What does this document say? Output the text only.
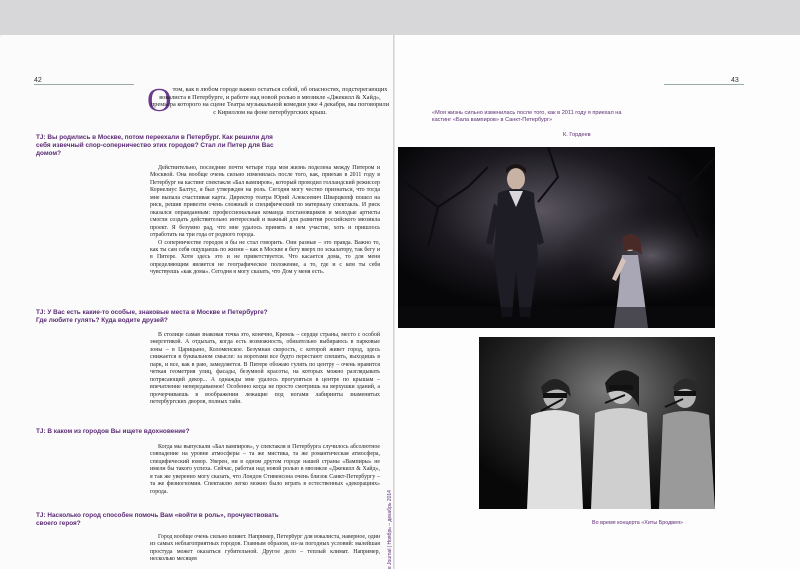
42	43
О том, как в любом городе важно остаться собой, об опасностях, подстерегающих вокалиста в Петербурге, и работе над новой ролью в мюзикле «Джекилл & Хайд», премьера которого на сцене Театра музыкальной комедии уже 4 декабря, мы поговорили с Кириллом на фоне петербургских крыш.
ТJ: Вы родились в Москве, потом переехали в Петербург. Как решили для себя извечный спор-соперничество этих городов? Стал ли Питер для Вас домом?

Действительно, последние почти четыре года моя жизнь поделена между Питером и Москвой. Она вообще очень сильно изменилась после того, как, приехав в 2011 году в Петербург на кастинг спектакля «Бал вампиров», который проводил голландский режиссер Корнелиус Балтус, я был утвержден на роль. Сегодня могу честно признаться, что тогда мне выпала счастливая карта. Директор театра Юрий Алексеевич Шварцкопф пошел на риск, решив привезти очень сложный и специфический по материалу спектакль. И риск оказался оправданным: профессиональная команда постановщиков и молодые артисты смогли создать действительно интересный и важный для развития российского мюзикла проект. Я безумно рад, что мне удалось принять в нем участие, хоть и пришлось отработать на три года от родного города.

О соперничестве городов я бы не стал говорить. Они разные – это правда. Важно то, как ты сам себя ощущаешь по жизни – как в Москве я бегу вверх по эскалатору, так бегу и в Питере. Хотя здесь это и не приветствуется. Что касается дома, то для меня определяющим является не географическое положение, а то, где и с кем ты себя чувствуешь «как дома». Сегодня я могу сказать, что Дом у меня есть.

ТJ: У Вас есть какие-то особые, знаковые места в Москве и Петербурге? Где любите гулять? Куда водите друзей?

В столице самая знаковая точка это, конечно, Кремль – сердце страны, место с особой энергетикой. А отдыхать, когда есть возможность, обязательно выбираюсь в парковые зоны – в Царицыно, Коломенское. Безумная скорость, с которой живет город, здесь снижается в буквальном смысле: за воротами все будто перестают спешить, выходишь в парк, и все, как в раю, замедляется. В Питере обожаю гулять по центру – очень нравится четкая геометрия улиц, фасады, безумной красоты, на которых можно разглядывать потрясающий декор... А однажды мне удалось прогуляться в центре по крышам – впечатление непередаваемое! Особенно когда не просто смотришь на верхушки зданий, а прочерчиваешь в воображении лежащие под ногами лабиринты знаменитых петербургских дворов, полных тайн.

ТJ: В каком из городов Вы ищете вдохновение?

Когда мы выпускали «Бал вампиров», у спектакля и Петербурга случилось абсолютное совпадение на уровне атмосферы – та же мистика, та же романтическая атмосфера, специфический юмор. Уверен, ни в одном другом городе нашей страны «Вампиры» не имели бы такого успеха. Сейчас, работая над новой ролью в мюзикле «Джекилл & Хайд», я так же уверенно могу сказать, что Лондон Стивенсона очень близок Санкт-Петербургу – та же физиогномия. Спектаклю легко можно было играть в естественных «декорациях» города.

ТJ: Насколько город способен помочь Вам «войти в роль», прочувствовать своего героя?

Город вообще очень сильно влияет. Например, Петербург для вокалиста, наверное, один из самых неблагоприятных городов. Главным образом, из-за погодных условий: малейшая простуда может оказаться губительной. Другое дело – теплый климат. Например, несколько месяцев	в Journal | Ноябрь – декабрь 2014
«Моя жизнь сильно изменилась после того, как в 2011 году я приехал на кастинг «Бала вампиров» в Санкт-Петербург»
К. Гордеев
Во время концерта «Хиты Бродвея»
